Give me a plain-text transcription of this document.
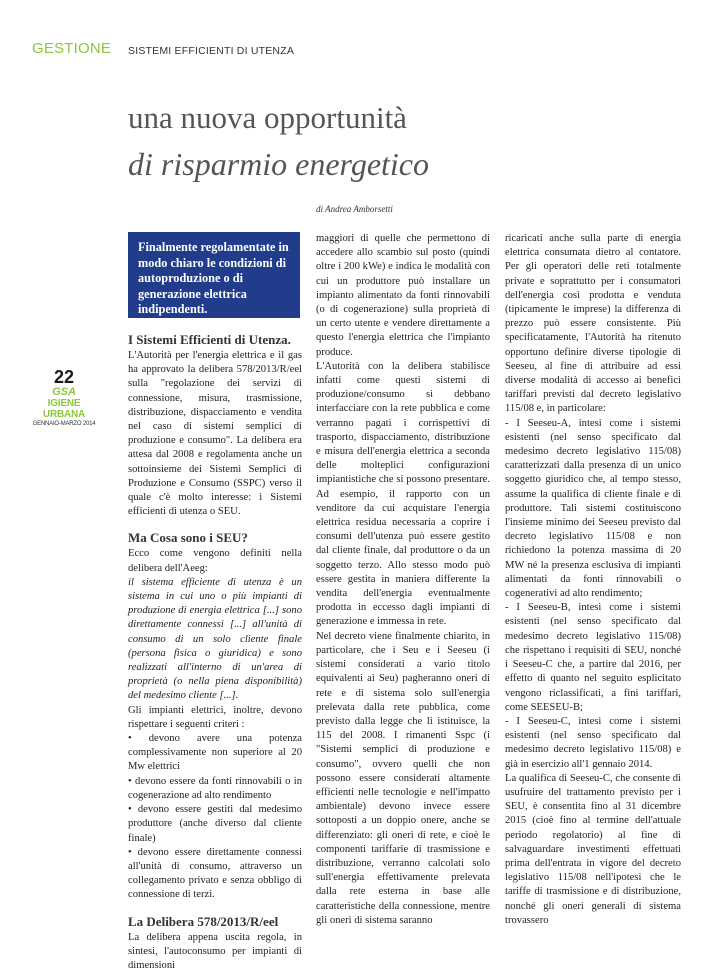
GESTIONE SISTEMI EFFICIENTI DI UTENZA
una nuova opportunità
di risparmio energetico
di Andrea Amborsetti
Finalmente regolamentate in modo chiaro le condizioni di autoproduzione o di generazione elettrica indipendenti.
22
GSA
IGIENE URBANA
GENNAIO-MARZO 2014
I Sistemi Efficienti di Utenza.

L'Autorità per l'energia elettrica e il gas ha approvato la delibera 578/2013/R/eel sulla "regolazione dei servizi di connessione, misura, trasmissione, distribuzione, dispacciamento e vendita nel caso di sistemi semplici di produzione e consumo". La delibera era attesa dal 2008 e regolamenta anche un sottoinsieme dei Sistemi Semplici di Produzione e Consumo (SSPC) verso il quale c'è molto interesse: i Sistemi efficienti di utenza o SEU.

Ma Cosa sono i SEU?

Ecco come vengono definiti nella delibera dell'Aeeg:

il sistema efficiente di utenza è un sistema in cui uno o più impianti di produzione di energia elettrica [...] sono direttamente connessi [...] all'unità di consumo di un solo cliente finale (persona fisica o giuridica) e sono realizzati all'interno di un'area di proprietà (o nella piena disponibilità) del medesimo cliente [...].

Gli impianti elettrici, inoltre, devono rispettare i seguenti criteri :

• devono avere una potenza complessivamente non superiore al 20 Mw elettrici

• devono essere da fonti rinnovabili o in cogenerazione ad alto rendimento

• devono essere gestiti dal medesimo produttore (anche diverso dal cliente finale)

• devono essere direttamente connessi all'unità di consumo, attraverso un collegamento privato e senza obbligo di connessione di terzi.

La Delibera 578/2013/R/eel

La delibera appena uscita regola, in sintesi, l'autoconsumo per impianti di dimensioni

maggiori di quelle che permettono di accedere allo scambio sul posto (quindi oltre i 200 kWe) e indica le modalità con cui un produttore può installare un impianto alimentato da fonti rinnovabili (o di cogenerazione) sulla proprietà di un certo utente e vendere direttamente a questo l'energia elettrica che l'impianto produce.

L'Autorità con la delibera stabilisce infatti come questi sistemi di produzione/consumo si debbano interfacciare con la rete pubblica e come verranno pagati i corrispettivi di trasporto, dispacciamento, distribuzione e misura dell'energia elettrica a seconda delle molteplici configurazioni impiantistiche che si possono presentare. Ad esempio, il rapporto con un venditore da cui acquistare l'energia elettrica residua necessaria a coprire i consumi dell'utenza può essere gestito dal cliente finale, dal produttore o da un soggetto terzo. Allo stesso modo può essere gestita in maniera differente la vendita dell'energia eventualmente prodotta in eccesso dagli impianti di generazione e immessa in rete.

Nel decreto viene finalmente chiarito, in particolare, che i Seu e i Seeseu (i sistemi considerati a vario titolo equivalenti ai Seu) pagheranno oneri di rete e di sistema solo sull'energia prelevata dalla rete pubblica, come previsto dalla legge che li istituisce, la 115 del 2008. I rimanenti Sspc (i "Sistemi semplici di produzione e consumo", ovvero quelli che non possono essere considerati altamente efficienti nelle tecnologie e nell'impatto ambientale) devono invece essere sottoposti a un doppio onere, anche se differenziato: gli oneri di rete, e cioè le componenti tariffarie di trasmissione e distribuzione, verranno calcolati solo sull'energia effettivamente prelevata dalla rete esterna in base alle caratteristiche della connessione, mentre gli oneri di sistema saranno

ricaricati anche sulla parte di energia elettrica consumata dietro al contatore. Per gli operatori delle reti totalmente private e soprattutto per i consumatori dell'energia così prodotta e venduta (tipicamente le imprese) la differenza di prezzo può essere consistente. Più specificatamente, l'Autorità ha ritenuto opportuno definire diverse tipologie di Seeseu, al fine di attribuire ad essi diverse modalità di accesso ai benefici tariffari previsti dal decreto legislativo 115/08 e, in particolare:

- I Seeseu-A, intesi come i sistemi esistenti (nel senso specificato dal medesimo decreto legislativo 115/08) caratterizzati dalla presenza di un unico soggetto giuridico che, al tempo stesso, assume la qualifica di cliente finale e di produttore. Tali sistemi costituiscono l'insieme minimo dei Seeseu previsto dal decreto legislativo 115/08 e non richiedono la potenza massima di 20 MW né la presenza esclusiva di impianti alimentati da fonti rinnovabili o cogenerativi ad alto rendimento;

- I Seeseu-B, intesi come i sistemi esistenti (nel senso specificato dal medesimo decreto legislativo 115/08) che rispettano i requisiti di SEU, nonché i Seeseu-C che, a partire dal 2016, per effetto di quanto nel seguito esplicitato vengono riclassificati, a fini tariffari, come SEESEU-B;

- I Seeseu-C, intesi come i sistemi esistenti (nel senso specificato dal medesimo decreto legislativo 115/08) e già in esercizio all'1 gennaio 2014.

La qualifica di Seeseu-C, che consente di usufruire del trattamento previsto per i SEU, è consentita fino al 31 dicembre 2015 (cioè fino al termine dell'attuale periodo regolatorio) al fine di salvaguardare investimenti effettuati prima dell'entrata in vigore del decreto legislativo 115/08 nell'ipotesi che le tariffe di trasmissione e di distribuzione, nonché gli oneri generali di sistema trovassero
